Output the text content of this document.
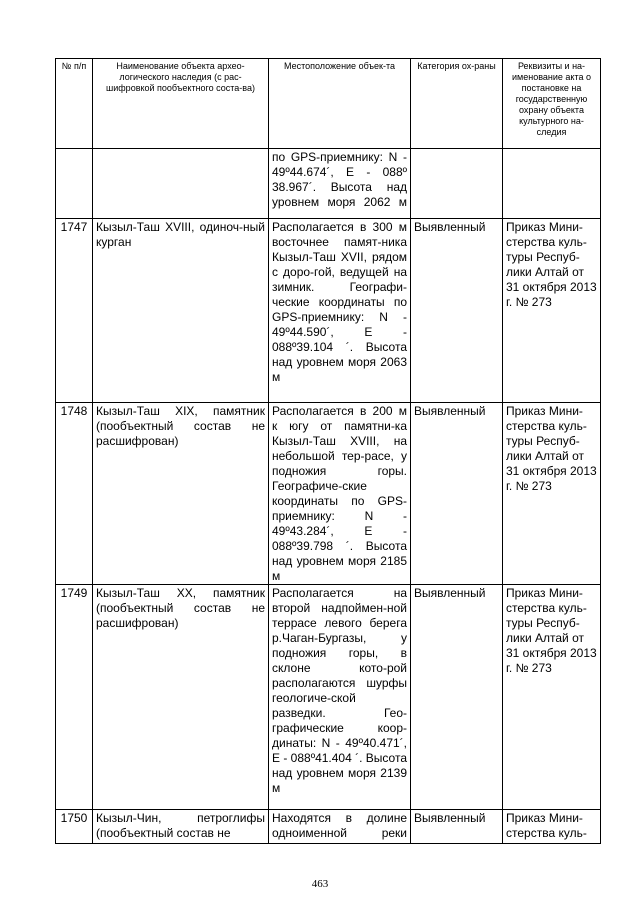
№ п/п	Наименование объекта архео-логического наследия (с рас-шифровкой пообъектного соста-ва)	Местоположение объек-та	Категория ох-раны	Реквизиты и на-именование акта о постановке на государственную охрану объекта культурного на-следия
		по GPS-приемнику: N - 49º44.674´, E - 088º 38.967´. Высота над уровнем моря 2062 м		
1747	Кызыл-Таш XVIII, одиноч-ный курган	Располагается в 300 м восточнее памят-ника Кызыл-Таш XVII, рядом с доро-гой, ведущей на зимник. Географи-ческие координаты по GPS-приемнику: N - 49º44.590´, E - 088º39.104 ´. Высота над уровнем моря 2063 м	Выявленный	Приказ Мини-стерства куль-туры Респуб-лики Алтай от 31 октября 2013 г. № 273
1748	Кызыл-Таш XIX, памятник (пообъектный состав не расшифрован)	Располагается в 200 м к югу от памятни-ка Кызыл-Таш XVIII, на небольшой тер-расе, у подножия горы. Географиче-ские координаты по GPS-приемнику: N - 49º43.284´, E - 088º39.798 ´. Высота над уровнем моря 2185 м	Выявленный	Приказ Мини-стерства куль-туры Респуб-лики Алтай от 31 октября 2013 г. № 273
1749	Кызыл-Таш XX, памятник (пообъектный состав не расшифрован)	Располагается на второй надпоймен-ной террасе левого берега р.Чаган-Бургазы, у подножия горы, в склоне кото-рой располагаются шурфы геологиче-ской разведки. Гео-графические коор-динаты: N - 49º40.471´, E - 088º41.404 ´. Высота над уровнем моря 2139 м	Выявленный	Приказ Мини-стерства куль-туры Респуб-лики Алтай от 31 октября 2013 г. № 273
1750	Кызыл-Чин, петроглифы (пообъектный состав не	Находятся в долине одноименной реки	Выявленный	Приказ Мини-стерства куль-
463
